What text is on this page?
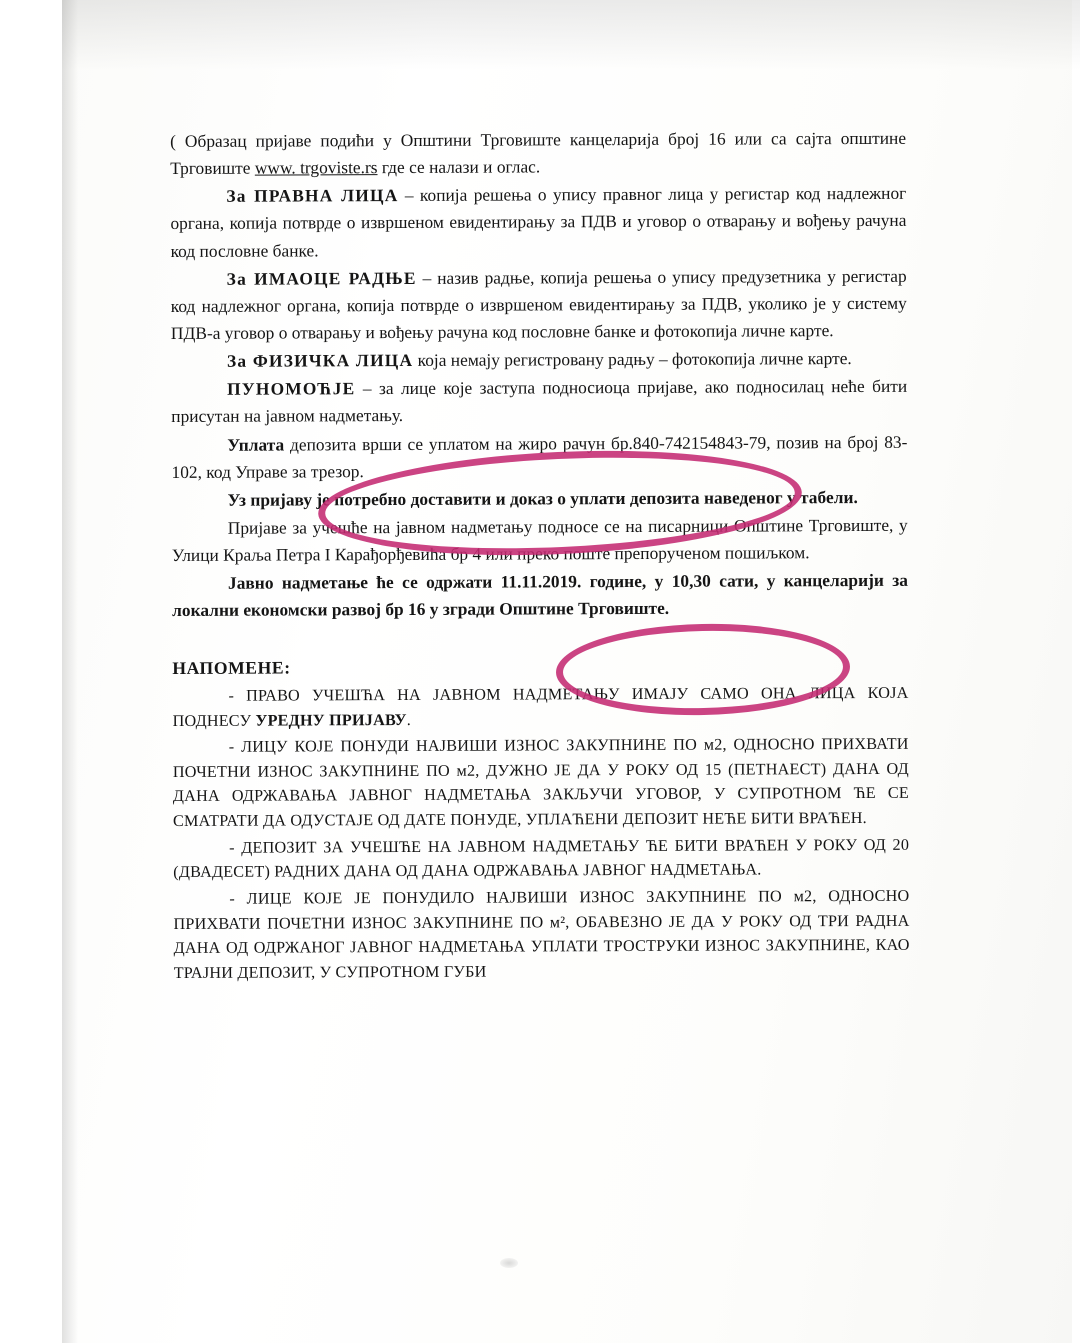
( Образац пријаве подићи у Општини Трговиште канцеларија број 16 или са сајта општине Трговиште www. trgoviste.rs где се налази и оглас.

За ПРАВНА ЛИЦА – копија решења о упису правног лица у регистар код надлежног органа, копија потврде о извршеном евидентирању за ПДВ и уговор о отварању и вођењу рачуна код пословне банке.

За ИМАОЦЕ РАДЊЕ – назив радње, копија решења о упису предузетника у регистар код надлежног органа, копија потврде о извршеном евидентирању за ПДВ, уколико је у систему ПДВ-а уговор о отварању и вођењу рачуна код пословне банке и фотокопија личне карте.

За ФИЗИЧКА ЛИЦА која немају регистровану радњу – фотокопија личне карте.

ПУНОМОЋЈЕ – за лице које заступа подносиоца пријаве, ако подносилац неће бити присутан на јавном надметању.

Уплата депозита врши се уплатом на жиро рачун бр.840-742154843-79, позив на број 83-102, код Управе за трезор.

Уз пријаву је потребно доставити и доказ о уплати депозита наведеног у табели.

Пријаве за учешће на јавном надметању подносе се на писарници Општине Трговиште, у Улици Краља Петра I Карађорђевића бр 4 или преко поште препорученом пошиљком.

Јавно надметање ће се одржати 11.11.2019. године, у 10,30 сати, у канцеларији за локални економски развој бр 16 у згради Општине Трговиште.

НАПОМЕНЕ:

- ПРАВО УЧЕШЋА НА ЈАВНОМ НАДМЕТАЊУ ИМАЈУ САМО ОНА ЛИЦА КОЈА ПОДНЕСУ УРЕДНУ ПРИЈАВУ.

- ЛИЦУ КОЈЕ ПОНУДИ НАЈВИШИ ИЗНОС ЗАКУПНИНЕ ПО м2, ОДНОСНО ПРИХВАТИ ПОЧЕТНИ ИЗНОС ЗАКУПНИНЕ ПО м2, ДУЖНО ЈЕ ДА У РОКУ ОД 15 (ПЕТНАЕСТ) ДАНА ОД ДАНА ОДРЖАВАЊА ЈАВНОГ НАДМЕТАЊА ЗАКЉУЧИ УГОВОР, У СУПРОТНОМ ЋЕ СЕ СМАТРАТИ ДА ОДУСТАЈЕ ОД ДАТЕ ПОНУДЕ, УПЛАЋЕНИ ДЕПОЗИТ НЕЋЕ БИТИ ВРАЋЕН.

- ДЕПОЗИТ ЗА УЧЕШЋЕ НА ЈАВНОМ НАДМЕТАЊУ ЋЕ БИТИ ВРАЋЕН У РОКУ ОД 20 (ДВАДЕСЕТ) РАДНИХ ДАНА ОД ДАНА ОДРЖАВАЊА ЈАВНОГ НАДМЕТАЊА.

- ЛИЦЕ КОЈЕ ЈЕ ПОНУДИЛО НАЈВИШИ ИЗНОС ЗАКУПНИНЕ ПО м2, ОДНОСНО ПРИХВАТИ ПОЧЕТНИ ИЗНОС ЗАКУПНИНЕ ПО м², ОБАВЕЗНО ЈЕ ДА У РОКУ ОД ТРИ РАДНА ДАНА ОД ОДРЖАНОГ ЈАВНОГ НАДМЕТАЊА УПЛАТИ ТРОСТРУКИ ИЗНОС ЗАКУПНИНЕ, КАО ТРАЈНИ ДЕПОЗИТ, У СУПРОТНОМ ГУБИ
